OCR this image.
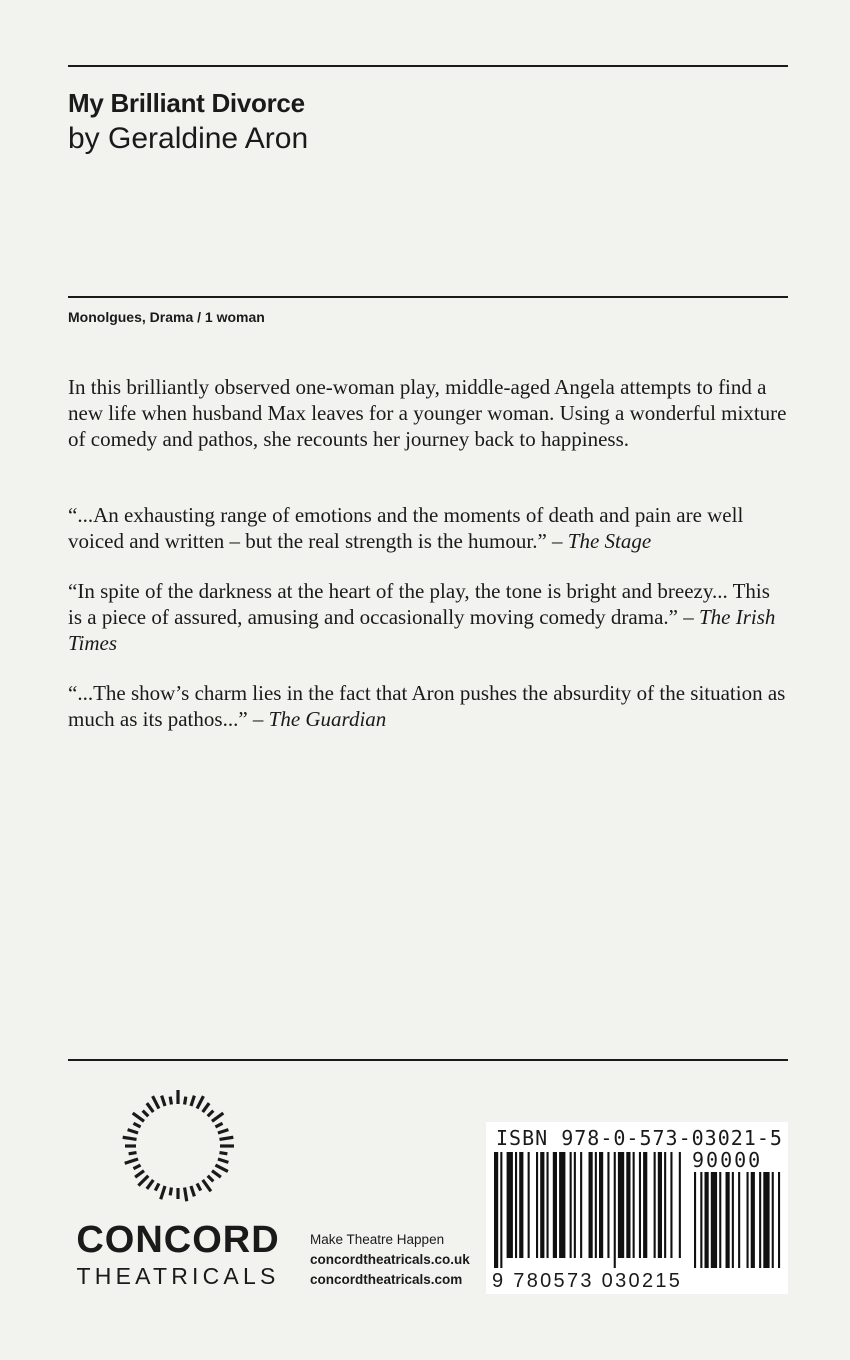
My Brilliant Divorce
by Geraldine Aron
Monolgues, Drama / 1 woman

In this brilliantly observed one-woman play, middle-aged Angela attempts to find a new life when husband Max leaves for a younger woman. Using a wonderful mixture of comedy and pathos, she recounts her journey back to happiness.

“...An exhausting range of emotions and the moments of death and pain are well voiced and written – but the real strength is the humour.” – The Stage

“In spite of the darkness at the heart of the play, the tone is bright and breezy... This is a piece of assured, amusing and occasionally moving comedy drama.” – The Irish Times

“...The show’s charm lies in the fact that Aron pushes the absurdity of the situation as much as its pathos...” – The Guardian

CONCORD
THEATRICALS
Make Theatre Happen
concordtheatricals.co.uk
concordtheatricals.com
ISBN 978-0-573-03021-5
90000
9 780573 030215
